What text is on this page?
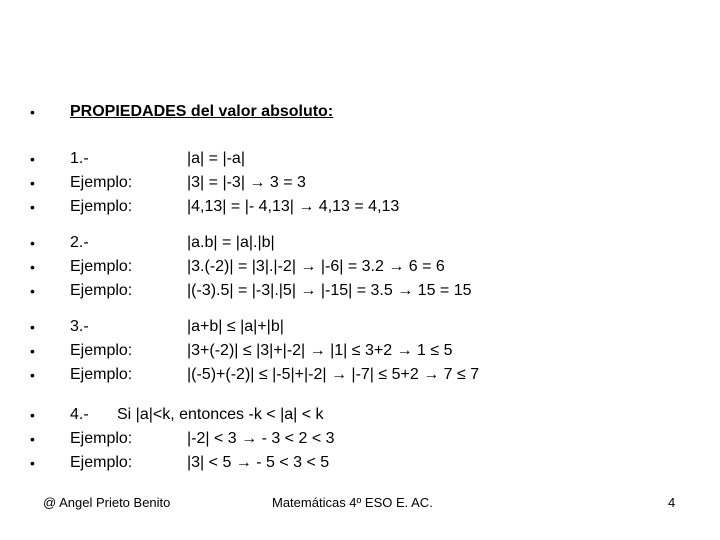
•	PROPIEDADES del valor absoluto:
•	1.-	|a| = |-a|
•	Ejemplo:	|3| = |-3| → 3 = 3
•	Ejemplo:	|4,13| = |- 4,13| → 4,13 = 4,13
•	2.-	|a.b| = |a|.|b|
•	Ejemplo:	|3.(-2)| = |3|.|-2| → |-6| = 3.2 → 6 = 6
•	Ejemplo:	|(-3).5| = |-3|.|5| → |-15| = 3.5 → 15 = 15
•	3.-	|a+b| ≤ |a|+|b|
•	Ejemplo:	|3+(-2)| ≤ |3|+|-2| → |1| ≤ 3+2 → 1 ≤ 5
•	Ejemplo:	|(-5)+(-2)| ≤ |-5|+|-2| → |-7| ≤ 5+2 → 7 ≤ 7
•	4.- Si |a|<k, entonces -k < |a| < k
•	Ejemplo:	|-2| < 3 → - 3 < 2 < 3
•	Ejemplo:	|3| < 5 → - 5 < 3 < 5
@ Angel Prieto Benito	Matemáticas 4º ESO E. AC.	4
